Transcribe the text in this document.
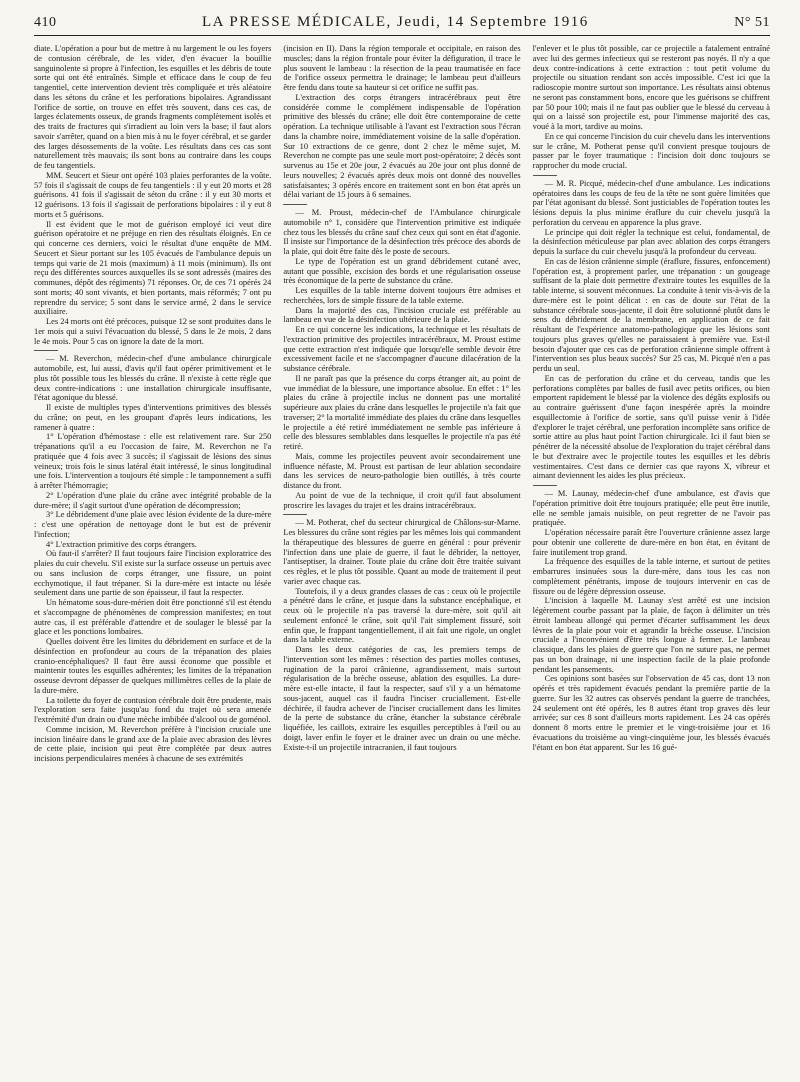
410	LA PRESSE MÉDICALE, Jeudi, 14 Septembre 1916	N° 51

diate. L'opération a pour but de mettre à nu largement le ou les foyers de contusion cérébrale, de les vider, d'en évacuer la bouillie sanguinolente si propre à l'infection, les esquilles et les débris de toute sorte qui ont été entraînés. Simple et efficace dans le coup de feu tangentiel, cette intervention devient très compliquée et très aléatoire dans les sétons du crâne et les perforations bipolaires. Agrandissant l'orifice de sortie, on trouve en effet très souvent, dans ces cas, de larges éclatements osseux, de grands fragments complètement isolés et des traits de fractures qui s'irradient au loin vers la base; il faut alors savoir s'arrêter, quand on a bien mis à nu le foyer cérébral, et se garder des larges désossements de la voûte. Les résultats dans ces cas sont naturellement très mauvais; ils sont bons au contraire dans les coups de feu tangentiels.

MM. Seucert et Sieur ont opéré 103 plaies perforantes de la voûte. 57 fois il s'agissait de coups de feu tangentiels : il y eut 20 morts et 28 guérisons. 41 fois il s'agissait de séton du crâne : il y eut 30 morts et 12 guérisons. 13 fois il s'agissait de perforations bipolaires : il y eut 8 morts et 5 guérisons.

Il est évident que le mot de guérison employé ici veut dire guérison opératoire et ne préjuge en rien des résultats éloignés. En ce qui concerne ces derniers, voici le résultat d'une enquête de MM. Seucert et Sieur portant sur les 105 évacués de l'ambulance depuis un temps qui varie de 21 mois (maximum) à 11 mois (minimum). Ils ont reçu des différentes sources auxquelles ils se sont adressés (maires des communes, dépôt des régiments) 71 réponses. Or, de ces 71 opérés 24 sont morts; 40 sont vivants, et bien portants, mais réformés; 7 ont pu reprendre du service; 5 sont dans le service armé, 2 dans le service auxiliaire.

Les 24 morts ont été précoces, puisque 12 se sont produites dans le 1er mois qui a suivi l'évacuation du blessé, 5 dans le 2e mois, 2 dans le 4e mois. Pour 5 cas on ignore la date de la mort.

— M. Reverchon, médecin-chef d'une ambulance chirurgicale automobile, est, lui aussi, d'avis qu'il faut opérer primitivement et le plus tôt possible tous les blessés du crâne. Il n'existe à cette règle que deux contre-indications : une installation chirurgicale insuffisante, l'état agonique du blessé.

Il existe de multiples types d'interventions primitives des blessés du crâne; on peut, en les groupant d'après leurs indications, les ramener à quatre :

1° L'opération d'hémostase : elle est relativement rare. Sur 250 trépanations qu'il a eu l'occasion de faire, M. Reverchon ne l'a pratiquée que 4 fois avec 3 succès; il s'agissait de lésions des sinus veineux; trois fois le sinus latéral était intéressé, le sinus longitudinal une fois. L'intervention a toujours été simple : le tamponnement a suffi à arrêter l'hémorragie;

2° L'opération d'une plaie du crâne avec intégrité probable de la dure-mère; il s'agit surtout d'une opération de décompression;

3° Le débridement d'une plaie avec lésion évidente de la dure-mère : c'est une opération de nettoyage dont le but est de prévenir l'infection;

4° L'extraction primitive des corps étrangers.

Où faut-il s'arrêter? Il faut toujours faire l'incision exploratrice des plaies du cuir chevelu. S'il existe sur la surface osseuse un pertuis avec ou sans inclusion de corps étranger, une fissure, un point ecchymotique, il faut trépaner. Si la dure-mère est intacte ou lésée seulement dans une partie de son épaisseur, il faut la respecter.

Un hématome sous-dure-mérien doit être ponctionné s'il est étendu et s'accompagne de phénomènes de compression manifestes; en tout autre cas, il est préférable d'attendre et de soulager le blessé par la glace et les ponctions lombaires.

Quelles doivent être les limites du débridement en surface et de la désinfection en profondeur au cours de la trépanation des plaies cranio-encéphaliques? Il faut être aussi économe que possible et maintenir toutes les esquilles adhérentes; les limites de la trépanation osseuse devront dépasser de quelques millimètres celles de la plaie de la dure-mère.

La toilette du foyer de contusion cérébrale doit être prudente, mais l'exploration sera faite jusqu'au fond du trajet où sera amenée l'extrémité d'un drain ou d'une mèche imbibée d'alcool ou de goménol.

Comme incision, M. Reverchon préfère à l'incision cruciale une incision linéaire dans le grand axe de la plaie avec abrasion des lèvres de cette plaie, incision qui peut être complétée par deux autres incisions perpendiculaires menées à chacune de ses extrémités

(incision en II). Dans la région temporale et occipitale, en raison des muscles; dans la région frontale pour éviter la défiguration, il trace le plus souvent le lambeau : la résection de la peau traumatisée en face de l'orifice osseux permettra le drainage; le lambeau peut d'ailleurs être fendu dans toute sa hauteur si cet orifice ne suffit pas.

L'extraction des corps étrangers intracérébraux peut être considérée comme le complément indispensable de l'opération primitive des blessés du crâne; elle doit être contemporaine de cette opération. La technique utilisable à l'avant est l'extraction sous l'écran dans la chambre noire, immédiatement voisine de la salle d'opération. Sur 10 extractions de ce genre, dont 2 chez le même sujet, M. Reverchon ne compte pas une seule mort post-opératoire; 2 décès sont survenus au 15e et 20e jour, 2 évacués au 20e jour ont plus donné de leurs nouvelles; 2 évacués après deux mois ont donné des nouvelles satisfaisantes; 3 opérés encore en traitement sont en bon état après un délai variant de 15 jours à 6 semaines.

— M. Proust, médecin-chef de l'Ambulance chirurgicale automobile n° 1, considère que l'intervention primitive est indiquée chez tous les blessés du crâne sauf chez ceux qui sont en état d'agonie. Il insiste sur l'importance de la désinfection très précoce des abords de la plaie, qui doit être faite dès le poste de secours.

Le type de l'opération est un grand débridement cutané avec, autant que possible, excision des bords et une régularisation osseuse très économique de la perte de substance du crâne.

Les esquilles de la table interne doivent toujours être admises et recherchées, lors de simple fissure de la table externe.

Dans la majorité des cas, l'incision cruciale est préférable au lambeau en vue de la désinfection ultérieure de la plaie.

En ce qui concerne les indications, la technique et les résultats de l'extraction primitive des projectiles intracérébraux, M. Proust estime que cette extraction n'est indiquée que lorsqu'elle semble devoir être excessivement facile et ne s'accompagner d'aucune dilacération de la substance cérébrale.

Il ne paraît pas que la présence du corps étranger ait, au point de vue immédiat de la blessure, une importance absolue. En effet : 1° les plaies du crâne à projectile inclus ne donnent pas une mortalité supérieure aux plaies du crâne dans lesquelles le projectile n'a fait que traverser; 2° la mortalité immédiate des plaies du crâne dans lesquelles le projectile a été retiré immédiatement ne semble pas inférieure à celle des blessures semblables dans lesquelles le projectile n'a pas été retiré.

Mais, comme les projectiles peuvent avoir secondairement une influence néfaste, M. Proust est partisan de leur ablation secondaire dans les services de neuro-pathologie bien outillés, à très courte distance du front.

Au point de vue de la technique, il croit qu'il faut absolument proscrire les lavages du trajet et les drains intracérébraux.

— M. Potherat, chef du secteur chirurgical de Châlons-sur-Marne. Les blessures du crâne sont régies par les mêmes lois qui commandent la thérapeutique des blessures de guerre en général : pour prévenir l'infection dans une plaie de guerre, il faut le débrider, la nettoyer, l'antiseptiser, la drainer. Toute plaie du crâne doit être traitée suivant ces règles, et le plus tôt possible. Quant au mode de traitement il peut varier avec chaque cas.

Toutefois, il y a deux grandes classes de cas : ceux où le projectile a pénétré dans le crâne, et jusque dans la substance encéphalique, et ceux où le projectile n'a pas traversé la dure-mère, soit qu'il ait seulement enfoncé le crâne, soit qu'il l'ait simplement fissuré, soit enfin que, le frappant tangentiellement, il ait fait une rigole, un onglet dans la table externe.

Dans les deux catégories de cas, les premiers temps de l'intervention sont les mêmes : résection des parties molles contuses, rugination de la paroi crânienne, agrandissement, mais surtout régularisation de la brèche osseuse, ablation des esquilles. La dure-mère est-elle intacte, il faut la respecter, sauf s'il y a un hématome sous-jacent, auquel cas il faudra l'inciser cruciallement. Est-elle déchirée, il faudra achever de l'inciser cruciallement dans les limites de la perte de substance du crâne, étancher la substance cérébrale liquéfiée, les caillots, extraire les esquilles perceptibles à l'œil ou au doigt, laver enfin le foyer et le drainer avec un drain ou une mèche. Existe-t-il un projectile intracranien, il faut toujours

l'enlever et le plus tôt possible, car ce projectile a fatalement entraîné avec lui des germes infectieux qui se resteront pas noyés. Il n'y a que deux contre-indications à cette extraction : tout petit volume du projectile ou situation rendant son accès impossible. C'est ici que la radioscopie montre surtout son importance. Les résultats ainsi obtenus ne seront pas constamment bons, encore que les guérisons se chiffrent par 50 pour 100; mais il ne faut pas oublier que le blessé du cerveau à qui on a laissé son projectile est, pour l'immense majorité des cas, voué à la mort, tardive au moins.

En ce qui concerne l'incision du cuir chevelu dans les interventions sur le crâne, M. Potherat pense qu'il convient presque toujours de passer par le foyer traumatique : l'incision doit donc toujours se rapprocher du mode crucial.

— M. R. Picqué, médecin-chef d'une ambulance. Les indications opératoires dans les coups de feu de la tête ne sont guère limitées que par l'état agonisant du blessé. Sont justiciables de l'opération toutes les lésions depuis la plus minime éraflure du cuir chevelu jusqu'à la perforation du cerveau en apparence la plus grave.

Le principe qui doit régler la technique est celui, fondamental, de la désinfection méticuleuse par plan avec ablation des corps étrangers depuis la surface du cuir chevelu jusqu'à la profondeur du cerveau.

En cas de lésion crânienne simple (éraflure, fissures, enfoncement) l'opération est, à proprement parler, une trépanation : un gougeage suffisant de la plaie doit permettre d'extraire toutes les esquilles de la table interne, si souvent méconnues. La conduite à tenir vis-à-vis de la dure-mère est le point délicat : en cas de doute sur l'état de la substance cérébrale sous-jacente, il doit être solutionné plutôt dans le sens du débridement de la membrane, en application de ce fait résultant de l'expérience anatomo-pathologique que les lésions sont toujours plus graves qu'elles ne paraissaient à première vue. Est-il besoin d'ajouter que ces cas de perforation crânienne simple offrent à l'intervention ses plus beaux succès? Sur 25 cas, M. Picqué n'en a pas perdu un seul.

En cas de perforation du crâne et du cerveau, tandis que les perforations complètes par balles de fusil avec petits orifices, ou bien emportent rapidement le blessé par la violence des dégâts explosifs ou au contraire guérissent d'une façon inespérée après la moindre esquillectomie à l'orifice de sortie, sans qu'il puisse venir à l'idée d'explorer le trajet cérébral, une perforation incomplète sans orifice de sortie attire au plus haut point l'action chirurgicale. Ici il faut bien se pénétrer de la nécessité absolue de l'exploration du trajet cérébral dans le but d'extraire avec le projectile toutes les esquilles et les débris vestimentaires. C'est dans ce dernier cas que rayons X, vibreur et aimant deviennent les aides les plus précieux.

— M. Launay, médecin-chef d'une ambulance, est d'avis que l'opération primitive doit être toujours pratiquée; elle peut être inutile, elle ne semble jamais nuisible, on peut regretter de ne l'avoir pas pratiquée.

L'opération nécessaire paraît être l'ouverture crânienne assez large pour obtenir une collerette de dure-mère en bon état, en évitant de faire inutilement trop grand.

La fréquence des esquilles de la table interne, et surtout de petites embarrures insinuées sous la dure-mère, dans tous les cas non complètement pénétrants, impose de toujours intervenir en cas de fissure ou de légère dépression osseuse.

L'incision à laquelle M. Launay s'est arrêté est une incision légèrement courbe passant par la plaie, de façon à délimiter un très étroit lambeau allongé qui permet d'écarter suffisamment les deux lèvres de la plaie pour voir et agrandir la brèche osseuse. L'incision cruciale a l'inconvénient d'être très longue à fermer. Le lambeau classique, dans les plaies de guerre que l'on ne suture pas, ne permet pas un bon drainage, ni une inspection facile de la plaie profonde pendant les pansements.

Ces opinions sont basées sur l'observation de 45 cas, dont 13 non opérés et très rapidement évacués pendant la première partie de la guerre. Sur les 32 autres cas observés pendant la guerre de tranchées, 24 seulement ont été opérés, les 8 autres étant trop graves dès leur arrivée; sur ces 8 sont d'ailleurs morts rapidement. Les 24 cas opérés donnent 8 morts entre le premier et le vingt-troisième jour et 16 évacuations du troisième au vingt-cinquième jour, les blessés évacués l'étant en bon état apparent. Sur les 16 gué-
